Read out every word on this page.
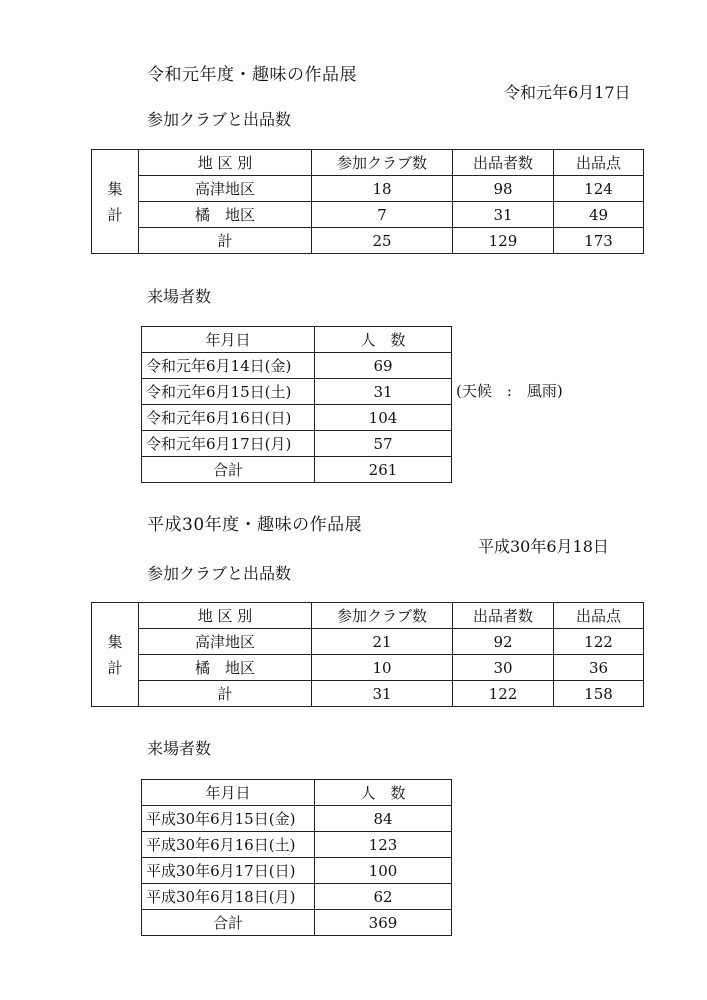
令和元年度・趣味の作品展
令和元年6月17日
参加クラブと出品数
集
計	地 区 別	参加クラブ数	出品者数	出品点
	高津地区	18	98	124
	橘　地区	7	31	49
	計	25	129	173
来場者数
年月日	人　数
令和元年6月14日(金)	69
令和元年6月15日(土)	31
令和元年6月16日(日)	104
令和元年6月17日(月)	57
合計	261
(天候　:　風雨)
平成30年度・趣味の作品展
平成30年6月18日
参加クラブと出品数
集
計	地 区 別	参加クラブ数	出品者数	出品点
	高津地区	21	92	122
	橘　地区	10	30	36
	計	31	122	158
来場者数
年月日	人　数
平成30年6月15日(金)	84
平成30年6月16日(土)	123
平成30年6月17日(日)	100
平成30年6月18日(月)	62
合計	369
